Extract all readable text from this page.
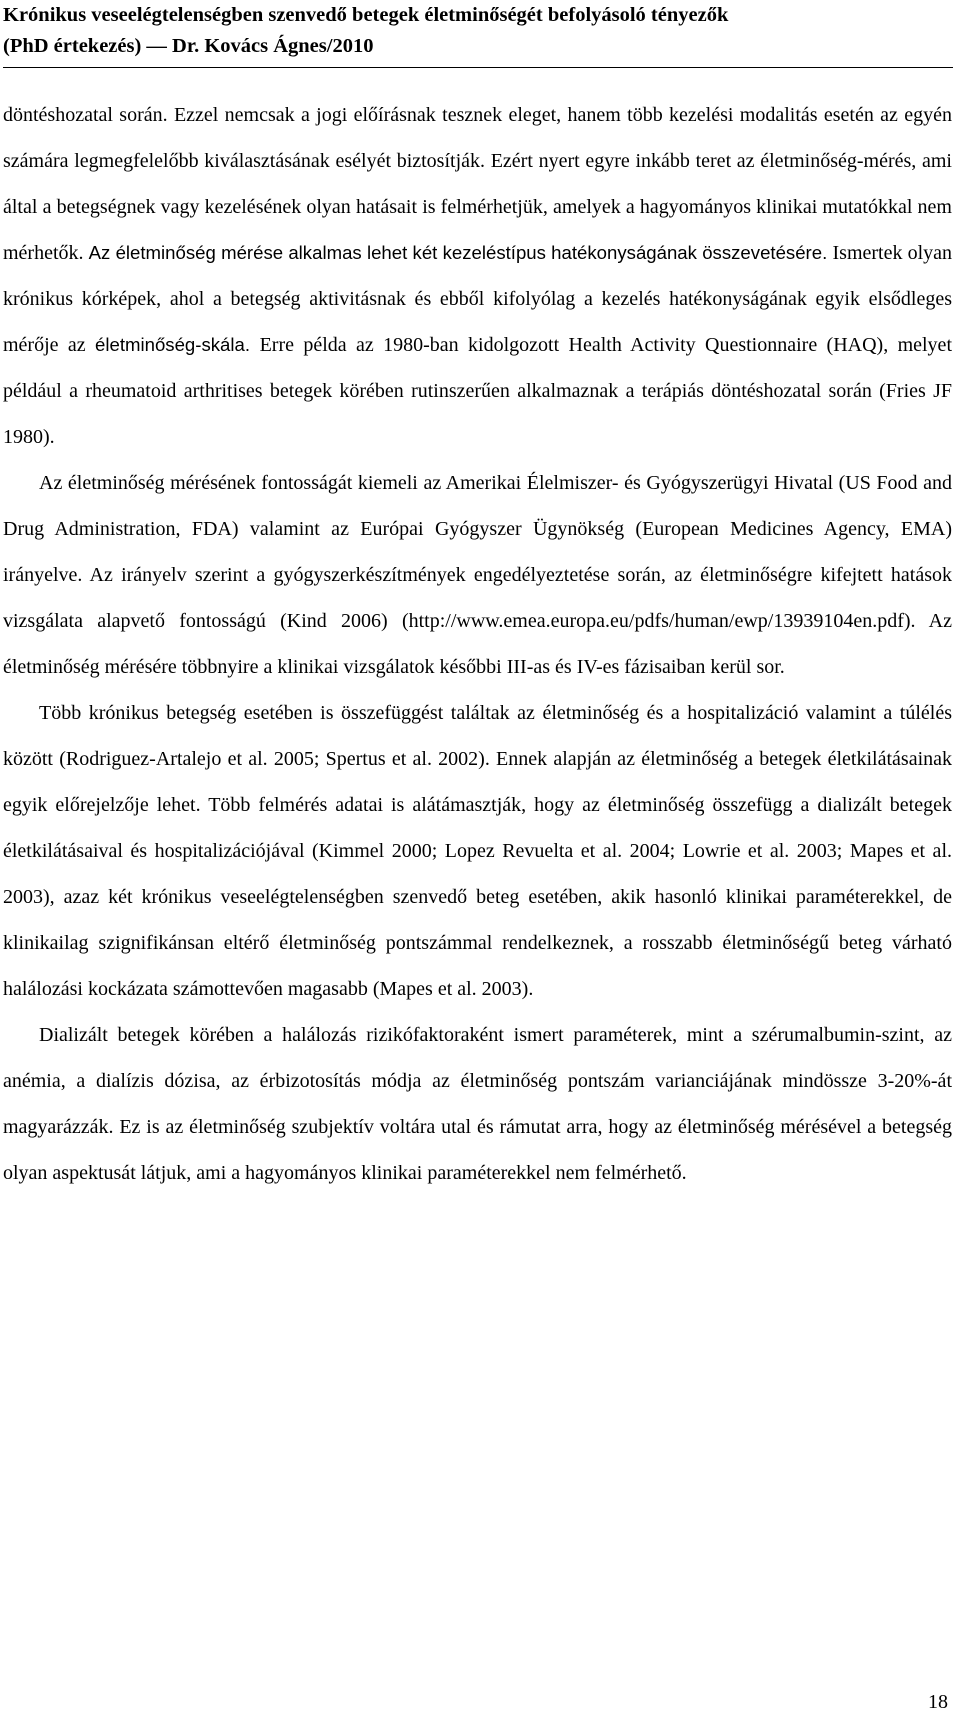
Krónikus veseelégtelenségben szenvedő betegek életminőségét befolyásoló tényezők
(PhD értekezés) ― Dr. Kovács Ágnes/2010

döntéshozatal során. Ezzel nemcsak a jogi előírásnak tesznek eleget, hanem több kezelési modalitás esetén az egyén számára legmegfelelőbb kiválasztásának esélyét biztosítják. Ezért nyert egyre inkább teret az életminőség-mérés, ami által a betegségnek vagy kezelésének olyan hatásait is felmérhetjük, amelyek a hagyományos klinikai mutatókkal nem mérhetők. Az életminőség mérése alkalmas lehet két kezeléstípus hatékonyságának összevetésére. Ismertek olyan krónikus kórképek, ahol a betegség aktivitásnak és ebből kifolyólag a kezelés hatékonyságának egyik elsődleges mérője az életminőség-skála. Erre példa az 1980-ban kidolgozott Health Activity Questionnaire (HAQ), melyet például a rheumatoid arthritises betegek körében rutinszerűen alkalmaznak a terápiás döntéshozatal során (Fries JF 1980).

Az életminőség mérésének fontosságát kiemeli az Amerikai Élelmiszer- és Gyógyszerügyi Hivatal (US Food and Drug Administration, FDA) valamint az Európai Gyógyszer Ügynökség (European Medicines Agency, EMA) irányelve. Az irányelv szerint a gyógyszerkészítmények engedélyeztetése során, az életminőségre kifejtett hatások vizsgálata alapvető fontosságú (Kind 2006) (http://www.emea.europa.eu/pdfs/human/ewp/13939104en.pdf). Az életminőség mérésére többnyire a klinikai vizsgálatok későbbi III-as és IV-es fázisaiban kerül sor.

Több krónikus betegség esetében is összefüggést találtak az életminőség és a hospitalizáció valamint a túlélés között (Rodriguez-Artalejo et al. 2005; Spertus et al. 2002). Ennek alapján az életminőség a betegek életkilátásainak egyik előrejelzője lehet. Több felmérés adatai is alátámasztják, hogy az életminőség összefügg a dializált betegek életkilátásaival és hospitalizációjával (Kimmel 2000; Lopez Revuelta et al. 2004; Lowrie et al. 2003; Mapes et al. 2003), azaz két krónikus veseelégtelenségben szenvedő beteg esetében, akik hasonló klinikai paraméterekkel, de klinikailag szignifikánsan eltérő életminőség pontszámmal rendelkeznek, a rosszabb életminőségű beteg várható halálozási kockázata számottevően magasabb (Mapes et al. 2003).

Dializált betegek körében a halálozás rizikófaktoraként ismert paraméterek, mint a szérumalbumin-szint, az anémia, a dialízis dózisa, az érbizotosítás módja az életminőség pontszám varianciájának mindössze 3-20%-át magyarázzák. Ez is az életminőség szubjektív voltára utal és rámutat arra, hogy az életminőség mérésével a betegség olyan aspektusát látjuk, ami a hagyományos klinikai paraméterekkel nem felmérhető.

18
